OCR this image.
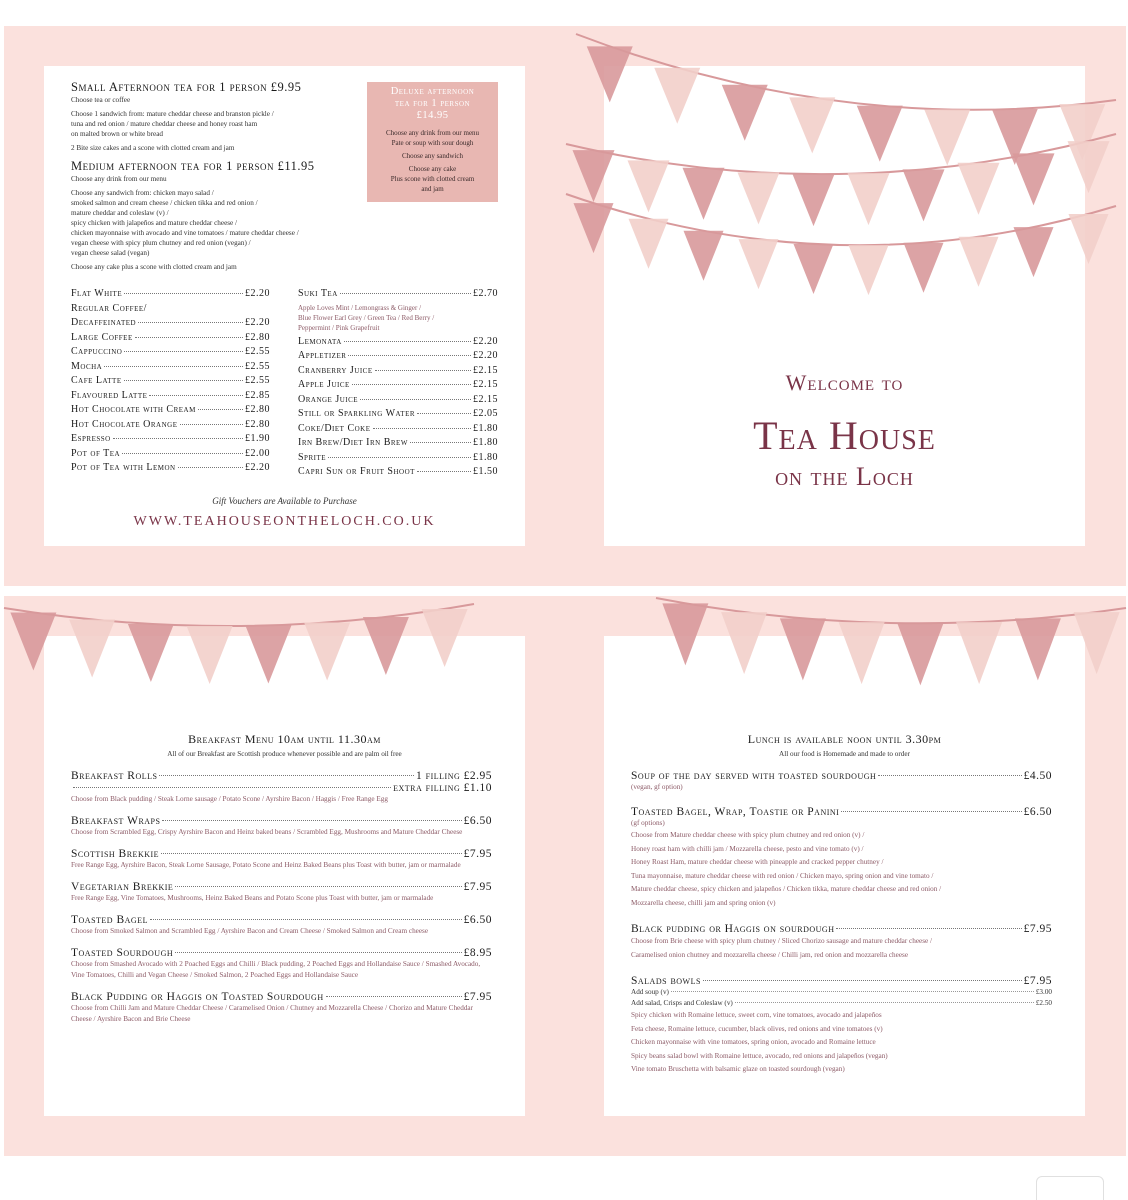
Small Afternoon tea for 1 person £9.95
Choose tea or coffee
Choose 1 sandwich from: mature cheddar cheese and branston pickle /
tuna and red onion / mature cheddar cheese and honey roast ham
on malted brown or white bread
2 Bite size cakes and a scone with clotted cream and jam
Medium afternoon tea for 1 person £11.95
Choose any drink from our menu
Choose any sandwich from: chicken mayo salad /
smoked salmon and cream cheese / chicken tikka and red onion /
mature cheddar and coleslaw (v) /
spicy chicken with jalapeños and mature cheddar cheese /
chicken mayonnaise with avocado and vine tomatoes / mature cheddar cheese /
vegan cheese with spicy plum chutney and red onion (vegan) /
vegan cheese salad (vegan)
Choose any cake plus a scone with clotted cream and jam
Deluxe afternoon
tea for 1 person
£14.95
Choose any drink from our menu
Pate or soup with sour dough
Choose any sandwich
Choose any cake
Plus scone with clotted cream
and jam
Flat White	£2.20
Regular Coffee/
Decaffeinated	£2.20
Large Coffee	£2.80
Cappuccino	£2.55
Mocha	£2.55
Cafe Latte	£2.55
Flavoured Latte	£2.85
Hot Chocolate with Cream	£2.80
Hot Chocolate Orange	£2.80
Espresso	£1.90
Pot of Tea	£2.00
Pot of Tea with Lemon	£2.20
Suki Tea	£2.70
Apple Loves Mint / Lemongrass & Ginger /
Blue Flower Earl Grey / Green Tea / Red Berry /
Peppermint / Pink Grapefruit
Lemonata	£2.20
Appletizer	£2.20
Cranberry Juice	£2.15
Apple Juice	£2.15
Orange Juice	£2.15
Still or Sparkling Water	£2.05
Coke/Diet Coke	£1.80
Irn Brew/Diet Irn Brew	£1.80
Sprite	£1.80
Capri Sun or Fruit Shoot	£1.50
Gift Vouchers are Available to Purchase
WWW.TEAHOUSEONTHELOCH.CO.UK
Welcome to
Tea House
on the Loch
Breakfast Menu 10am until 11.30am
All of our Breakfast are Scottish produce whenever possible and are palm oil free
Breakfast Rolls	1 filling £2.95
extra filling £1.10
Choose from Black pudding / Steak Lorne sausage / Potato Scone / Ayrshire Bacon / Haggis / Free Range Egg
Breakfast Wraps	£6.50
Choose from Scrambled Egg, Crispy Ayrshire Bacon and Heinz baked beans / Scrambled Egg, Mushrooms and Mature Cheddar Cheese
Scottish Brekkie	£7.95
Free Range Egg, Ayrshire Bacon, Steak Lorne Sausage, Potato Scone and Heinz Baked Beans plus Toast with butter, jam or marmalade
Vegetarian Brekkie	£7.95
Free Range Egg, Vine Tomatoes, Mushrooms, Heinz Baked Beans and Potato Scone plus Toast with butter, jam or marmalade
Toasted Bagel	£6.50
Choose from Smoked Salmon and Scrambled Egg / Ayrshire Bacon and Cream Cheese / Smoked Salmon and Cream cheese
Toasted Sourdough	£8.95
Choose from Smashed Avocado with 2 Poached Eggs and Chilli / Black pudding, 2 Poached Eggs and Hollandaise Sauce / Smashed Avocado, Vine Tomatoes, Chilli and Vegan Cheese / Smoked Salmon, 2 Poached Eggs and Hollandaise Sauce
Black Pudding or Haggis on Toasted Sourdough	£7.95
Choose from Chilli Jam and Mature Cheddar Cheese / Caramelised Onion / Chutney and Mozzarella Cheese / Chorizo and Mature Cheddar Cheese / Ayrshire Bacon and Brie Cheese
Lunch is available noon until 3.30pm
All our food is Homemade and made to order
Soup of the day served with toasted sourdough	£4.50
(vegan, gf option)
Toasted Bagel, Wrap, Toastie or Panini	£6.50
(gf options)
Choose from Mature cheddar cheese with spicy plum chutney and red onion (v) /
Honey roast ham with chilli jam / Mozzarella cheese, pesto and vine tomato (v) /
Honey Roast Ham, mature cheddar cheese with pineapple and cracked pepper chutney /
Tuna mayonnaise, mature cheddar cheese with red onion / Chicken mayo, spring onion and vine tomato /
Mature cheddar cheese, spicy chicken and jalapeños / Chicken tikka, mature cheddar cheese and red onion /
Mozzarella cheese, chilli jam and spring onion (v)
Black pudding or Haggis on sourdough	£7.95
Choose from Brie cheese with spicy plum chutney / Sliced Chorizo sausage and mature cheddar cheese /
Caramelised onion chutney and mozzarella cheese / Chilli jam, red onion and mozzarella cheese
Salads bowls	£7.95
Add soup (v)	£3.00
Add salad, Crisps and Coleslaw (v)	£2.50
Spicy chicken with Romaine lettuce, sweet corn, vine tomatoes, avocado and jalapeños
Feta cheese, Romaine lettuce, cucumber, black olives, red onions and vine tomatoes (v)
Chicken mayonnaise with vine tomatoes, spring onion, avocado and Romaine lettuce
Spicy beans salad bowl with Romaine lettuce, avocado, red onions and jalapeños (vegan)
Vine tomato Bruschetta with balsamic glaze on toasted sourdough (vegan)
